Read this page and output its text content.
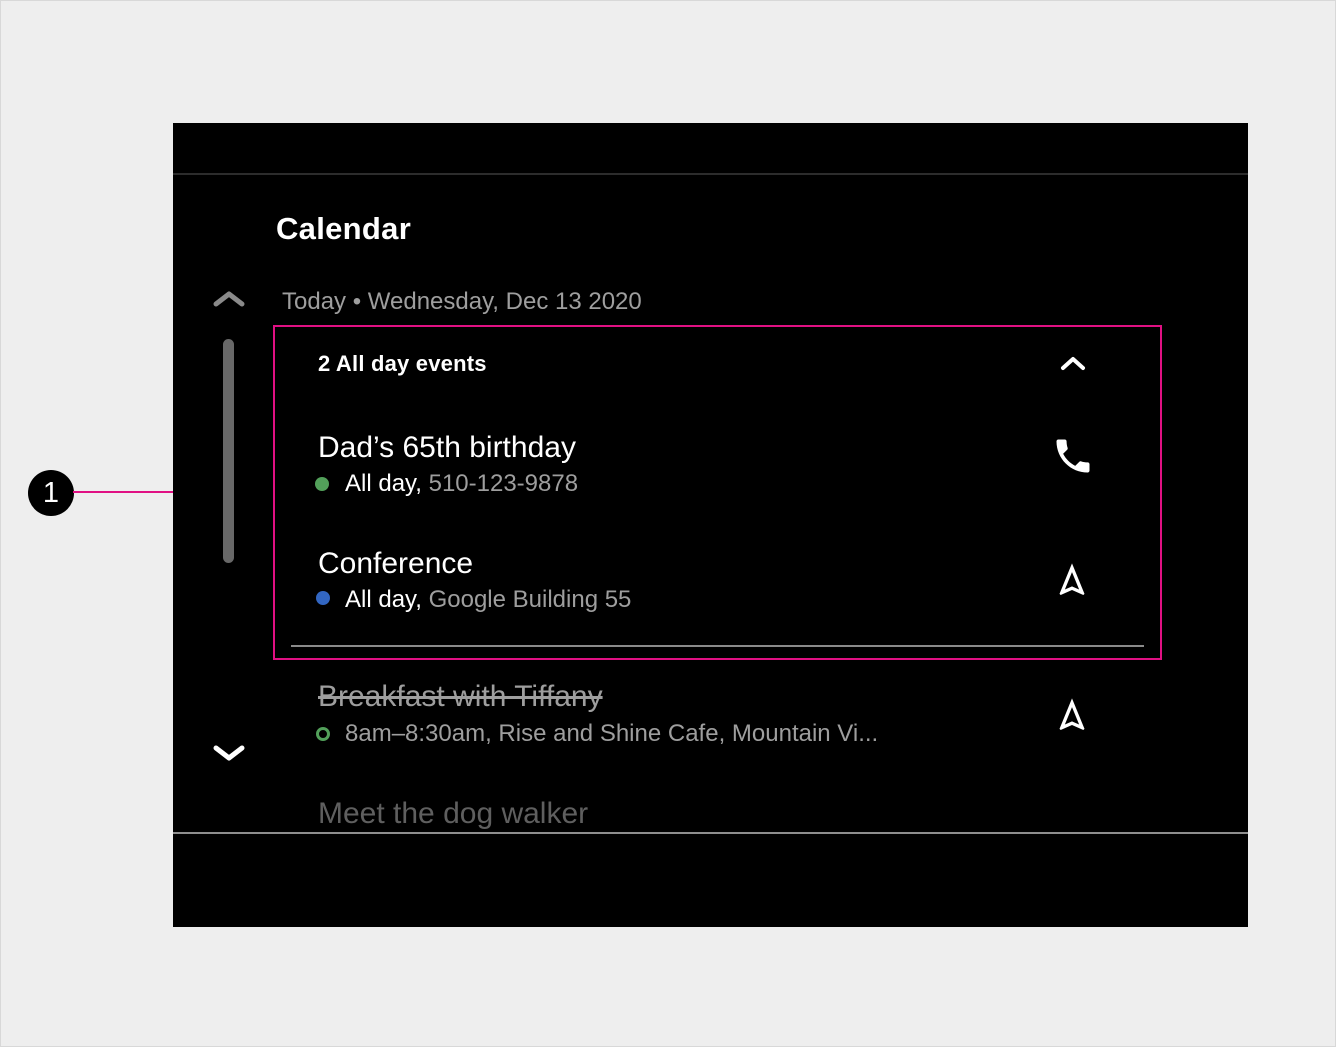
1
Calendar
Today • Wednesday, Dec 13 2020
2 All day events
Dad’s 65th birthday
All day, 510-123-9878
Conference
All day, Google Building 55
Breakfast with Tiffany
8am–8:30am, Rise and Shine Cafe, Mountain Vi...
Meet the dog walker
